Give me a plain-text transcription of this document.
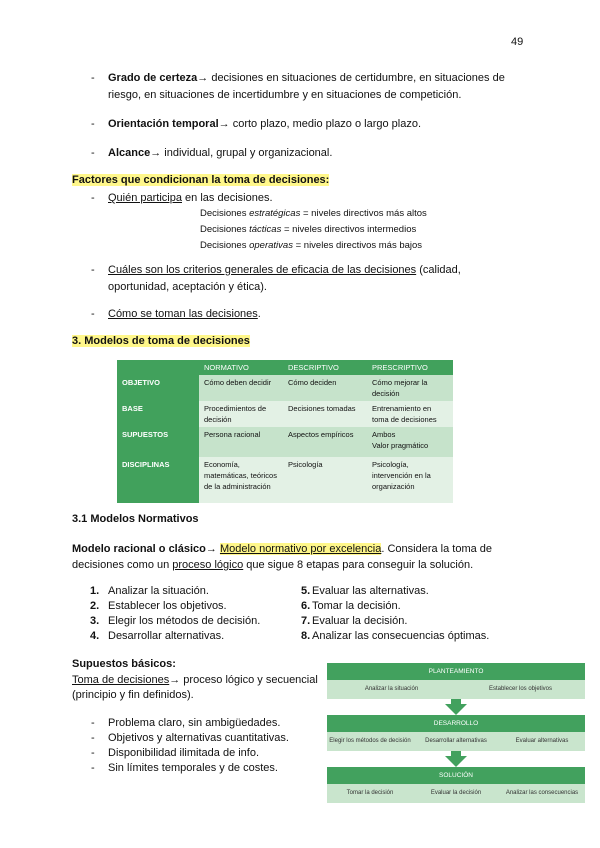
49
- Grado de certeza→ decisiones en situaciones de certidumbre, en situaciones de riesgo, en situaciones de incertidumbre y en situaciones de competición.
- Orientación temporal→ corto plazo, medio plazo o largo plazo.
- Alcance→ individual, grupal y organizacional.
Factores que condicionan la toma de decisiones:
- Quién participa en las decisiones.
Decisiones estratégicas = niveles directivos más altos
Decisiones tácticas = niveles directivos intermedios
Decisiones operativas = niveles directivos más bajos
- Cuáles son los criterios generales de eficacia de las decisiones (calidad, oportunidad, aceptación y ética).
- Cómo se toman las decisiones.
3. Modelos de toma de decisiones
	NORMATIVO	DESCRIPTIVO	PRESCRIPTIVO
OBJETIVO	Cómo deben decidir	Cómo deciden	Cómo mejorar la decisión
BASE	Procedimientos de decisión	Decisiones tomadas	Entrenamiento en toma de decisiones
SUPUESTOS	Persona racional	Aspectos empíricos	Ambos
Valor pragmático
DISCIPLINAS	Economía, matemáticas, teóricos de la administración	Psicología	Psicología, intervención en la organización
3.1 Modelos Normativos
Modelo racional o clásico→ Modelo normativo por excelencia. Considera la toma de decisiones como un proceso lógico que sigue 8 etapas para conseguir la solución.
1. Analizar la situación.
2. Establecer los objetivos.
3. Elegir los métodos de decisión.
4. Desarrollar alternativas.
5. Evaluar las alternativas.
6. Tomar la decisión.
7. Evaluar la decisión.
8. Analizar las consecuencias óptimas.
Supuestos básicos:
Toma de decisiones→ proceso lógico y secuencial (principio y fin definidos).
- Problema claro, sin ambigüedades.
- Objetivos y alternativas cuantitativas.
- Disponibilidad ilimitada de info.
- Sin límites temporales y de costes.
PLANTEAMIENTO
Analizar la situación	Establecer los objetivos
DESARROLLO
Elegir los métodos de decisión	Desarrollar alternativas	Evaluar alternativas
SOLUCIÓN
Tomar la decisión	Evaluar la decisión	Analizar las consecuencias
